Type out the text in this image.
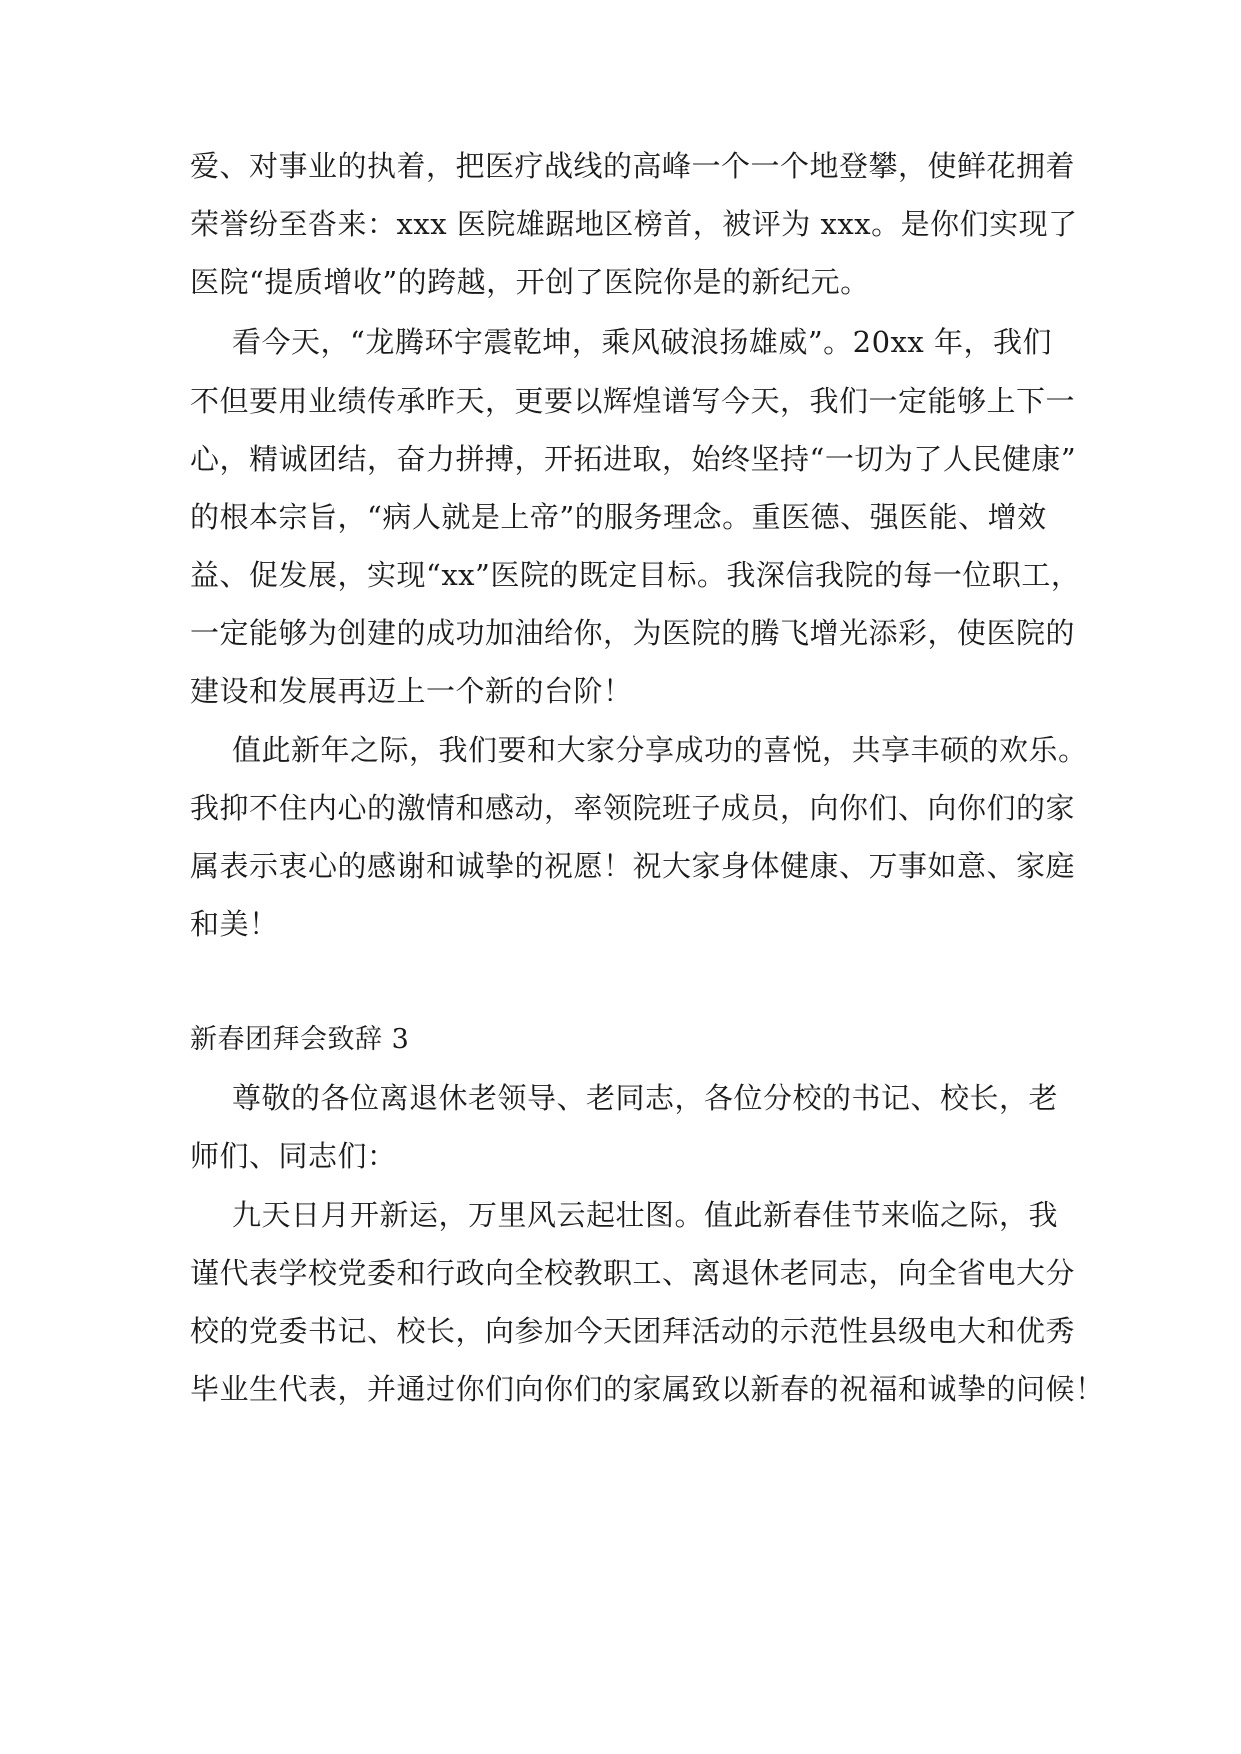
爱、对事业的执着，把医疗战线的高峰一个一个地登攀，使鲜花拥着
荣誉纷至沓来：xxx 医院雄踞地区榜首，被评为 xxx。是你们实现了
医院“提质增收”的跨越，开创了医院你是的新纪元。
看今天，“龙腾环宇震乾坤，乘风破浪扬雄威”。20xx 年，我们
不但要用业绩传承昨天，更要以辉煌谱写今天，我们一定能够上下一
心，精诚团结，奋力拼搏，开拓进取，始终坚持“一切为了人民健康”
的根本宗旨，“病人就是上帝”的服务理念。重医德、强医能、增效
益、促发展，实现“xx”医院的既定目标。我深信我院的每一位职工，
一定能够为创建的成功加油给你，为医院的腾飞增光添彩，使医院的
建设和发展再迈上一个新的台阶！
值此新年之际，我们要和大家分享成功的喜悦，共享丰硕的欢乐。
我抑不住内心的激情和感动，率领院班子成员，向你们、向你们的家
属表示衷心的感谢和诚挚的祝愿！祝大家身体健康、万事如意、家庭
和美！
新春团拜会致辞 3
尊敬的各位离退休老领导、老同志，各位分校的书记、校长，老
师们、同志们：
九天日月开新运，万里风云起壮图。值此新春佳节来临之际，我
谨代表学校党委和行政向全校教职工、离退休老同志，向全省电大分
校的党委书记、校长，向参加今天团拜活动的示范性县级电大和优秀
毕业生代表，并通过你们向你们的家属致以新春的祝福和诚挚的问候！
